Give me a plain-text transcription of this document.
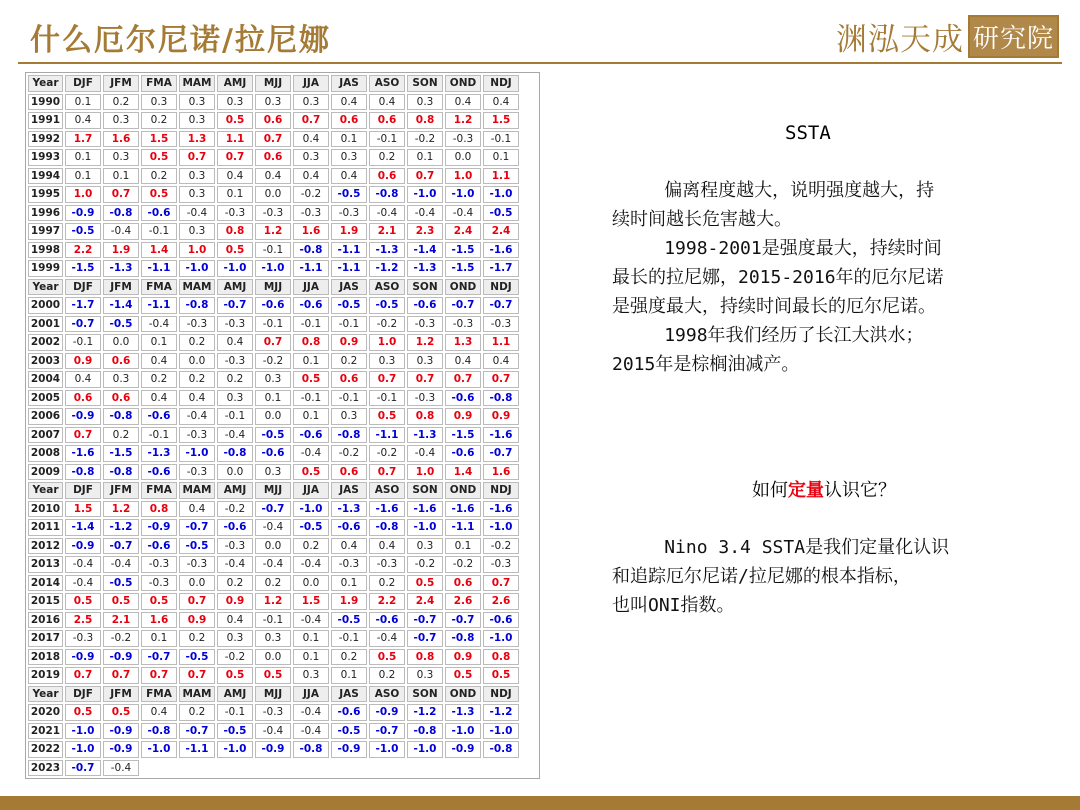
什么厄尔尼诺/拉尼娜	渊泓天成 研究院
Year	DJF	JFM	FMA	MAM	AMJ	MJJ	JJA	JAS	ASO	SON	OND	NDJ
1990	0.1	0.2	0.3	0.3	0.3	0.3	0.3	0.4	0.4	0.3	0.4	0.4
1991	0.4	0.3	0.2	0.3	0.5	0.6	0.7	0.6	0.6	0.8	1.2	1.5
1992	1.7	1.6	1.5	1.3	1.1	0.7	0.4	0.1	-0.1	-0.2	-0.3	-0.1
1993	0.1	0.3	0.5	0.7	0.7	0.6	0.3	0.3	0.2	0.1	0.0	0.1
1994	0.1	0.1	0.2	0.3	0.4	0.4	0.4	0.4	0.6	0.7	1.0	1.1
1995	1.0	0.7	0.5	0.3	0.1	0.0	-0.2	-0.5	-0.8	-1.0	-1.0	-1.0
1996	-0.9	-0.8	-0.6	-0.4	-0.3	-0.3	-0.3	-0.3	-0.4	-0.4	-0.4	-0.5
1997	-0.5	-0.4	-0.1	0.3	0.8	1.2	1.6	1.9	2.1	2.3	2.4	2.4
1998	2.2	1.9	1.4	1.0	0.5	-0.1	-0.8	-1.1	-1.3	-1.4	-1.5	-1.6
1999	-1.5	-1.3	-1.1	-1.0	-1.0	-1.0	-1.1	-1.1	-1.2	-1.3	-1.5	-1.7
Year	DJF	JFM	FMA	MAM	AMJ	MJJ	JJA	JAS	ASO	SON	OND	NDJ
2000	-1.7	-1.4	-1.1	-0.8	-0.7	-0.6	-0.6	-0.5	-0.5	-0.6	-0.7	-0.7
2001	-0.7	-0.5	-0.4	-0.3	-0.3	-0.1	-0.1	-0.1	-0.2	-0.3	-0.3	-0.3
2002	-0.1	0.0	0.1	0.2	0.4	0.7	0.8	0.9	1.0	1.2	1.3	1.1
2003	0.9	0.6	0.4	0.0	-0.3	-0.2	0.1	0.2	0.3	0.3	0.4	0.4
2004	0.4	0.3	0.2	0.2	0.2	0.3	0.5	0.6	0.7	0.7	0.7	0.7
2005	0.6	0.6	0.4	0.4	0.3	0.1	-0.1	-0.1	-0.1	-0.3	-0.6	-0.8
2006	-0.9	-0.8	-0.6	-0.4	-0.1	0.0	0.1	0.3	0.5	0.8	0.9	0.9
2007	0.7	0.2	-0.1	-0.3	-0.4	-0.5	-0.6	-0.8	-1.1	-1.3	-1.5	-1.6
2008	-1.6	-1.5	-1.3	-1.0	-0.8	-0.6	-0.4	-0.2	-0.2	-0.4	-0.6	-0.7
2009	-0.8	-0.8	-0.6	-0.3	0.0	0.3	0.5	0.6	0.7	1.0	1.4	1.6
Year	DJF	JFM	FMA	MAM	AMJ	MJJ	JJA	JAS	ASO	SON	OND	NDJ
2010	1.5	1.2	0.8	0.4	-0.2	-0.7	-1.0	-1.3	-1.6	-1.6	-1.6	-1.6
2011	-1.4	-1.2	-0.9	-0.7	-0.6	-0.4	-0.5	-0.6	-0.8	-1.0	-1.1	-1.0
2012	-0.9	-0.7	-0.6	-0.5	-0.3	0.0	0.2	0.4	0.4	0.3	0.1	-0.2
2013	-0.4	-0.4	-0.3	-0.3	-0.4	-0.4	-0.4	-0.3	-0.3	-0.2	-0.2	-0.3
2014	-0.4	-0.5	-0.3	0.0	0.2	0.2	0.0	0.1	0.2	0.5	0.6	0.7
2015	0.5	0.5	0.5	0.7	0.9	1.2	1.5	1.9	2.2	2.4	2.6	2.6
2016	2.5	2.1	1.6	0.9	0.4	-0.1	-0.4	-0.5	-0.6	-0.7	-0.7	-0.6
2017	-0.3	-0.2	0.1	0.2	0.3	0.3	0.1	-0.1	-0.4	-0.7	-0.8	-1.0
2018	-0.9	-0.9	-0.7	-0.5	-0.2	0.0	0.1	0.2	0.5	0.8	0.9	0.8
2019	0.7	0.7	0.7	0.7	0.5	0.5	0.3	0.1	0.2	0.3	0.5	0.5
Year	DJF	JFM	FMA	MAM	AMJ	MJJ	JJA	JAS	ASO	SON	OND	NDJ
2020	0.5	0.5	0.4	0.2	-0.1	-0.3	-0.4	-0.6	-0.9	-1.2	-1.3	-1.2
2021	-1.0	-0.9	-0.8	-0.7	-0.5	-0.4	-0.4	-0.5	-0.7	-0.8	-1.0	-1.0
2022	-1.0	-0.9	-1.0	-1.1	-1.0	-0.9	-0.8	-0.9	-1.0	-1.0	-0.9	-0.8
2023	-0.7	-0.4										
SSTA

偏离程度越大，说明强度越大，持

续时间越长危害越大。

1998-2001是强度最大，持续时间

最长的拉尼娜，2015-2016年的厄尔尼诺

是强度最大，持续时间最长的厄尔尼诺。

1998年我们经历了长江大洪水；

2015年是棕榈油减产。

如何定量认识它？

Nino 3.4 SSTA是我们定量化认识

和追踪厄尔尼诺/拉尼娜的根本指标，

也叫ONI指数。
